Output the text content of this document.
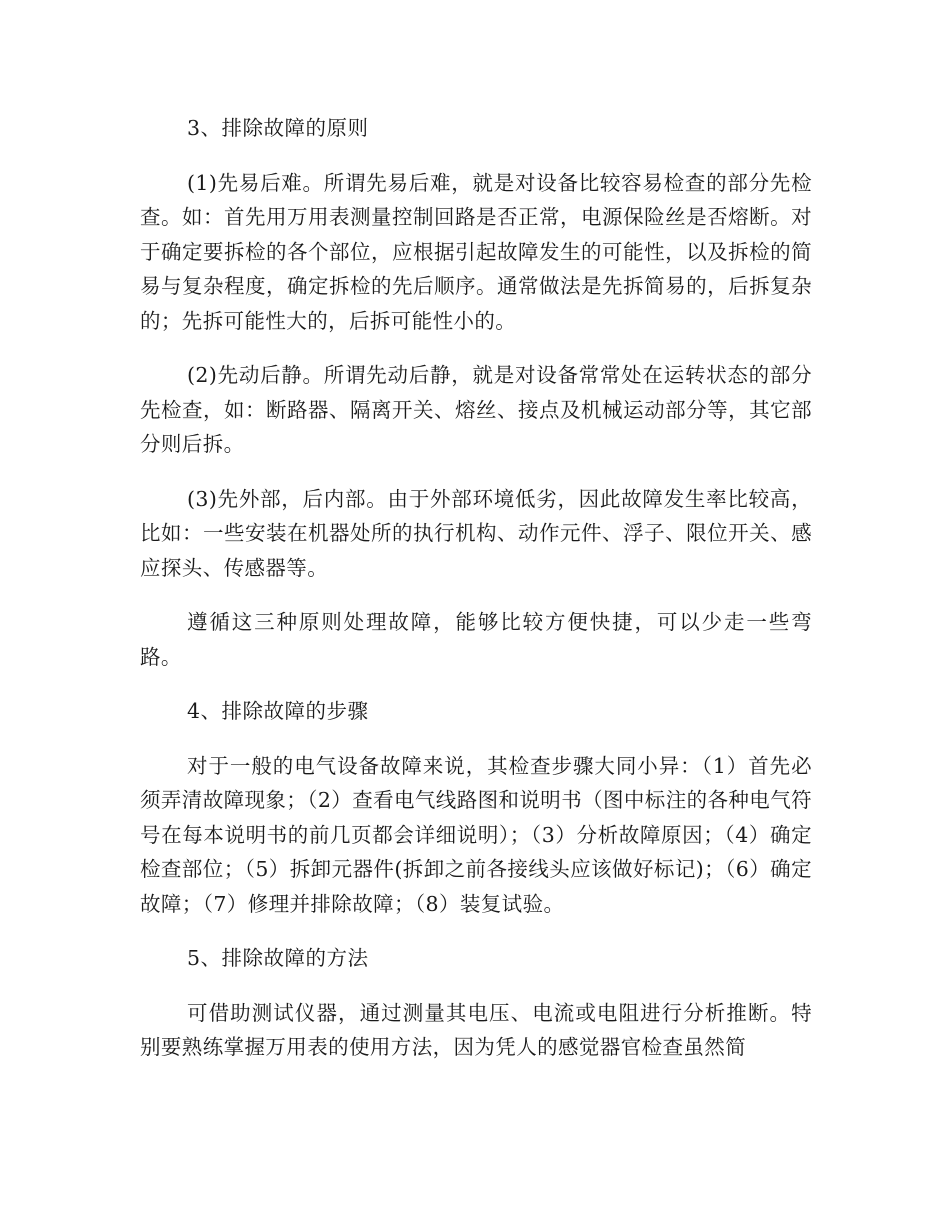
3、排除故障的原则
(1)先易后难。所谓先易后难，就是对设备比较容易检查的部分先检查。如：首先用万用表测量控制回路是否正常，电源保险丝是否熔断。对于确定要拆检的各个部位，应根据引起故障发生的可能性，以及拆检的简易与复杂程度，确定拆检的先后顺序。通常做法是先拆简易的，后拆复杂的；先拆可能性大的，后拆可能性小的。
(2)先动后静。所谓先动后静，就是对设备常常处在运转状态的部分先检查，如：断路器、隔离开关、熔丝、接点及机械运动部分等，其它部分则后拆。
(3)先外部，后内部。由于外部环境低劣，因此故障发生率比较高，比如：一些安装在机器处所的执行机构、动作元件、浮子、限位开关、感应探头、传感器等。
遵循这三种原则处理故障，能够比较方便快捷，可以少走一些弯路。
4、排除故障的步骤
对于一般的电气设备故障来说，其检查步骤大同小异：（1）首先必须弄清故障现象；（2）查看电气线路图和说明书（图中标注的各种电气符号在每本说明书的前几页都会详细说明）；（3）分析故障原因；（4）确定检查部位；（5）拆卸元器件(拆卸之前各接线头应该做好标记)；（6）确定故障；（7）修理并排除故障；（8）装复试验。
5、排除故障的方法
可借助测试仪器，通过测量其电压、电流或电阻进行分析推断。特别要熟练掌握万用表的使用方法，因为凭人的感觉器官检查虽然简
